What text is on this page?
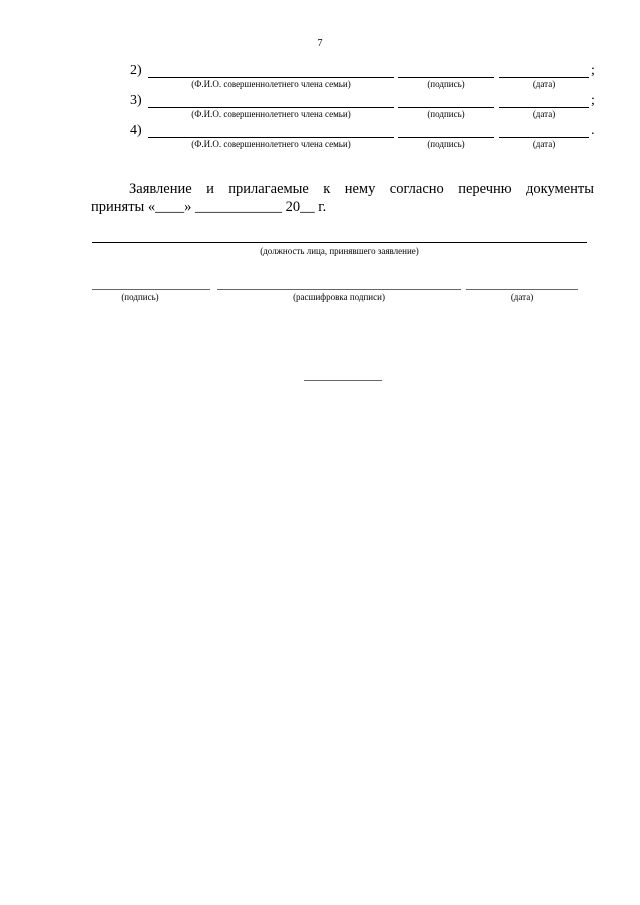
7
2)	;
(Ф.И.О. совершеннолетнего члена семьи)	(подпись)	(дата)
3)	;
(Ф.И.О. совершеннолетнего члена семьи)	(подпись)	(дата)
4)	.
(Ф.И.О. совершеннолетнего члена семьи)	(подпись)	(дата)
Заявление и прилагаемые к нему согласно перечню документы
приняты «____» ____________ 20__ г.
(должность лица, принявшего заявление)
(подпись)	(расшифровка подписи)	(дата)
